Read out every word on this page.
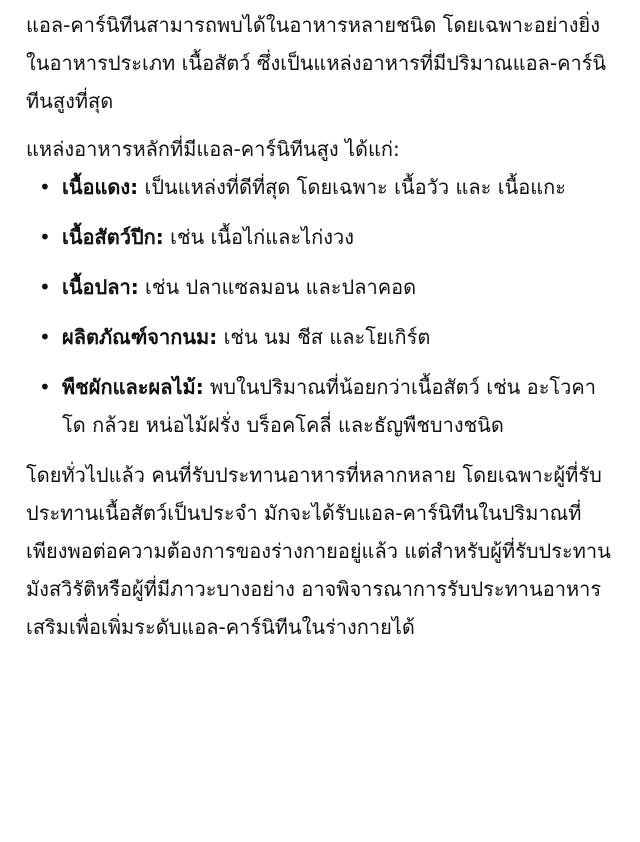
แอล-คาร์นิทีนสามารถพบได้ในอาหารหลายชนิด โดยเฉพาะอย่างยิ่งในอาหารประเภท เนื้อสัตว์ ซึ่งเป็นแหล่งอาหารที่มีปริมาณแอล-คาร์นิทีนสูงที่สุด

แหล่งอาหารหลักที่มีแอล-คาร์นิทีนสูง ได้แก่:

• เนื้อแดง: เป็นแหล่งที่ดีที่สุด โดยเฉพาะ เนื้อวัว และ เนื้อแกะ
• เนื้อสัตว์ปีก: เช่น เนื้อไก่และไก่งวง
• เนื้อปลา: เช่น ปลาแซลมอน และปลาคอด
• ผลิตภัณฑ์จากนม: เช่น นม ชีส และโยเกิร์ต
• พืชผักและผลไม้: พบในปริมาณที่น้อยกว่าเนื้อสัตว์ เช่น อะโวคาโด กล้วย หน่อไม้ฝรั่ง บร็อคโคลี่ และธัญพืชบางชนิด

โดยทั่วไปแล้ว คนที่รับประทานอาหารที่หลากหลาย โดยเฉพาะผู้ที่รับประทานเนื้อสัตว์เป็นประจำ มักจะได้รับแอล-คาร์นิทีนในปริมาณที่เพียงพอต่อความต้องการของร่างกายอยู่แล้ว แต่สำหรับผู้ที่รับประทานมังสวิรัติหรือผู้ที่มีภาวะบางอย่าง อาจพิจารณาการรับประทานอาหารเสริมเพื่อเพิ่มระดับแอล-คาร์นิทีนในร่างกายได้
